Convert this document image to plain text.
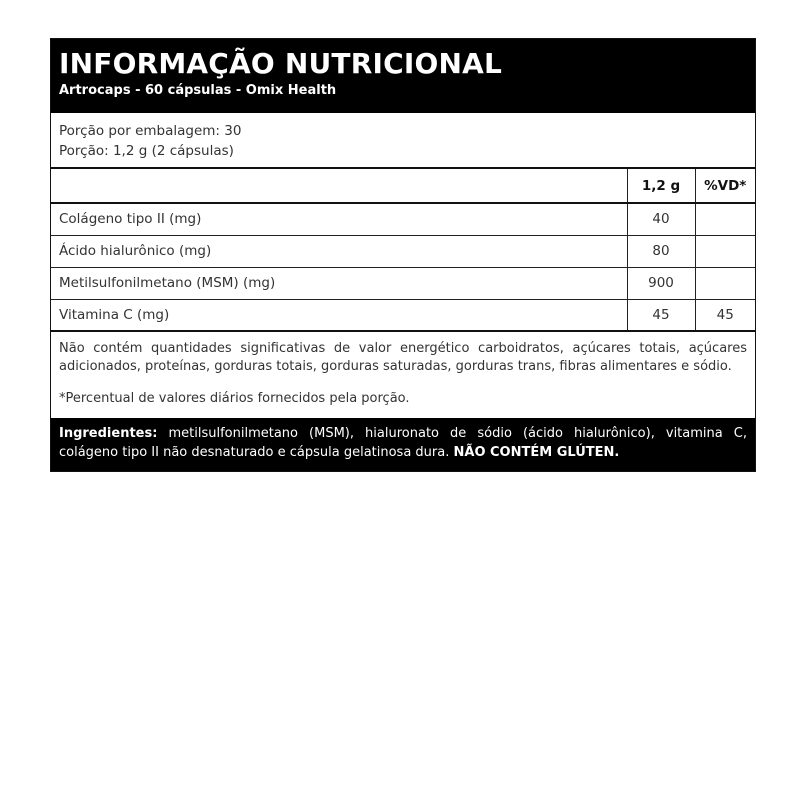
INFORMAÇÃO NUTRICIONAL
Artrocaps - 60 cápsulas - Omix Health
Porção por embalagem: 30
Porção: 1,2 g (2 cápsulas)
	1,2 g	%VD*
Colágeno tipo II (mg)	40	
Ácido hialurônico (mg)	80	
Metilsulfonilmetano (MSM) (mg)	900	
Vitamina C (mg)	45	45
Não contém quantidades significativas de valor energético carboidratos, açúcares totais, açúcares adicionados, proteínas, gorduras totais, gorduras saturadas, gorduras trans, fibras alimentares e sódio.
*Percentual de valores diários fornecidos pela porção.
Ingredientes: metilsulfonilmetano (MSM), hialuronato de sódio (ácido hialurônico), vitamina C, colágeno tipo II não desnaturado e cápsula gelatinosa dura. NÃO CONTÉM GLÚTEN.
